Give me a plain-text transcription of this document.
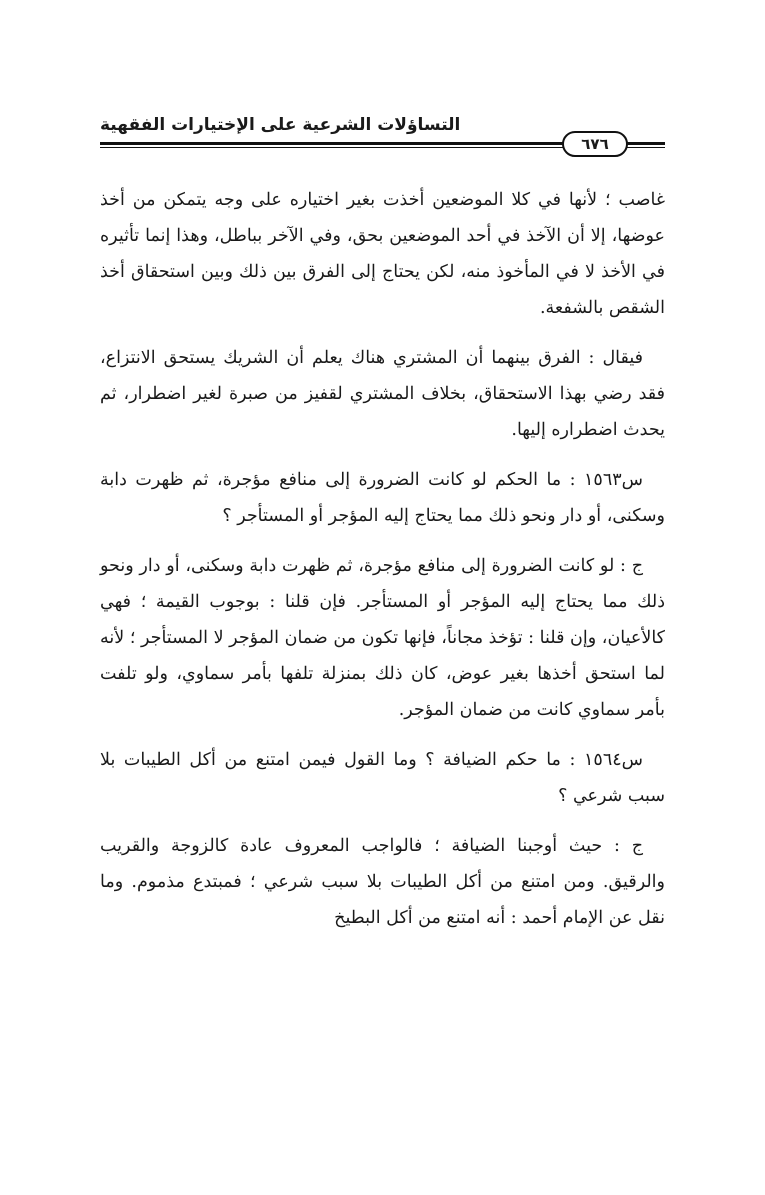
التساؤلات الشرعية على الإختيارات الفقهية
٦٧٦

غاصب ؛ لأنها في كلا الموضعين أخذت بغير اختياره على وجه يتمكن من أخذ عوضها، إلا أن الآخذ في أحد الموضعين بحق، وفي الآخر بباطل، وهذا إنما تأثيره في الأخذ لا في المأخوذ منه، لكن يحتاج إلى الفرق بين ذلك وبين استحقاق أخذ الشقص بالشفعة.

فيقال : الفرق بينهما أن المشتري هناك يعلم أن الشريك يستحق الانتزاع، فقد رضي بهذا الاستحقاق، بخلاف المشتري لقفيز من صبرة لغير اضطرار، ثم يحدث اضطراره إليها.

س١٥٦٣ : ما الحكم لو كانت الضرورة إلى منافع مؤجرة، ثم ظهرت دابة وسكنى، أو دار ونحو ذلك مما يحتاج إليه المؤجر أو المستأجر ؟

ج : لو كانت الضرورة إلى منافع مؤجرة، ثم ظهرت دابة وسكنى، أو دار ونحو ذلك مما يحتاج إليه المؤجر أو المستأجر. فإن قلنا : بوجوب القيمة ؛ فهي كالأعيان، وإن قلنا : تؤخذ مجاناً، فإنها تكون من ضمان المؤجر لا المستأجر ؛ لأنه لما استحق أخذها بغير عوض، كان ذلك بمنزلة تلفها بأمر سماوي، ولو تلفت بأمر سماوي كانت من ضمان المؤجر.

س١٥٦٤ : ما حكم الضيافة ؟ وما القول فيمن امتنع من أكل الطيبات بلا سبب شرعي ؟

ج : حيث أوجبنا الضيافة ؛ فالواجب المعروف عادة كالزوجة والقريب والرقيق. ومن امتنع من أكل الطيبات بلا سبب شرعي ؛ فمبتدع مذموم. وما نقل عن الإمام أحمد : أنه امتنع من أكل البطيخ
